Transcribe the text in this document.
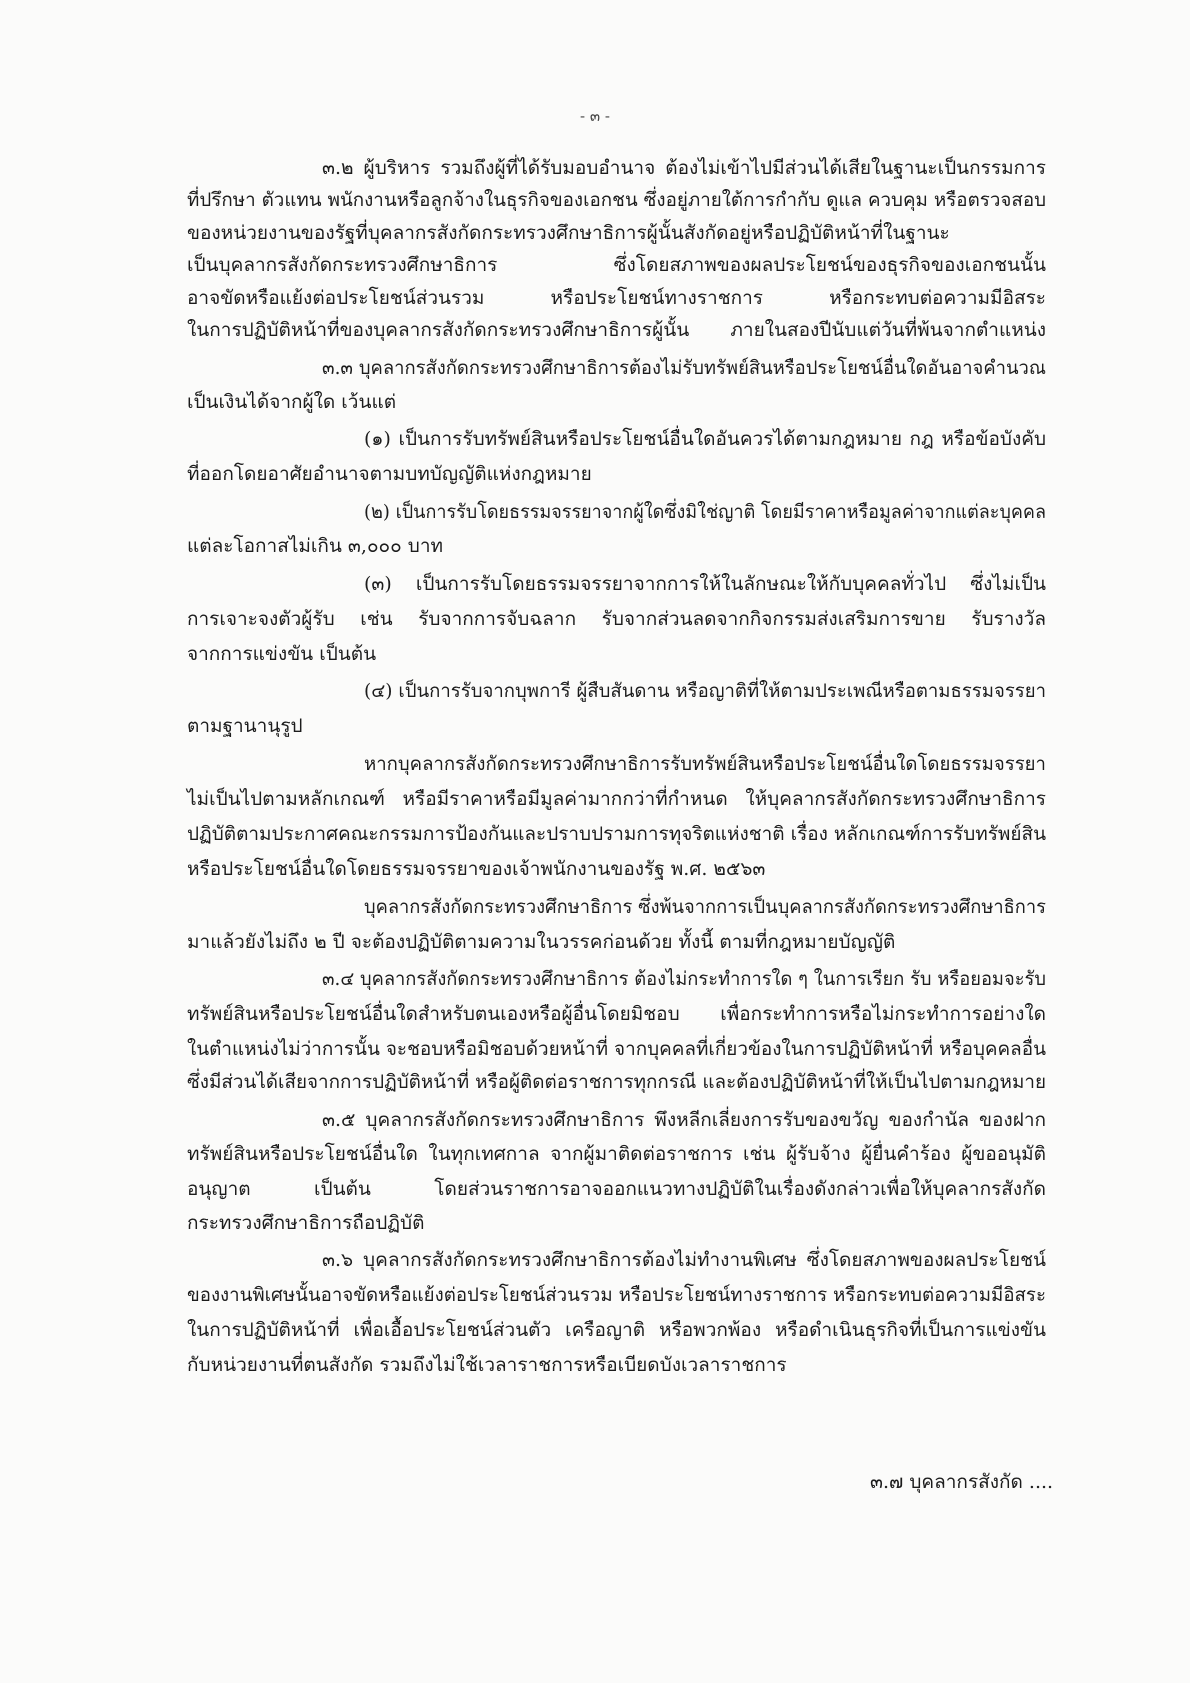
- ๓ -
๓.๒ ผู้บริหาร รวมถึงผู้ที่ได้รับมอบอำนาจ ต้องไม่เข้าไปมีส่วนได้เสียในฐานะเป็นกรรมการ
ที่ปรึกษา ตัวแทน พนักงานหรือลูกจ้างในธุรกิจของเอกชน ซึ่งอยู่ภายใต้การกำกับ ดูแล ควบคุม หรือตรวจสอบ
ของหน่วยงานของรัฐที่บุคลากรสังกัดกระทรวงศึกษาธิการผู้นั้นสังกัดอยู่หรือปฏิบัติหน้าที่ในฐานะ
เป็นบุคลากรสังกัดกระทรวงศึกษาธิการ ซึ่งโดยสภาพของผลประโยชน์ของธุรกิจของเอกชนนั้น
อาจขัดหรือแย้งต่อประโยชน์ส่วนรวม หรือประโยชน์ทางราชการ หรือกระทบต่อความมีอิสระ
ในการปฏิบัติหน้าที่ของบุคลากรสังกัดกระทรวงศึกษาธิการผู้นั้น ภายในสองปีนับแต่วันที่พ้นจากตำแหน่ง
๓.๓ บุคลากรสังกัดกระทรวงศึกษาธิการต้องไม่รับทรัพย์สินหรือประโยชน์อื่นใดอันอาจคำนวณ
เป็นเงินได้จากผู้ใด เว้นแต่
(๑) เป็นการรับทรัพย์สินหรือประโยชน์อื่นใดอันควรได้ตามกฎหมาย กฎ หรือข้อบังคับ
ที่ออกโดยอาศัยอำนาจตามบทบัญญัติแห่งกฎหมาย
(๒) เป็นการรับโดยธรรมจรรยาจากผู้ใดซึ่งมิใช่ญาติ โดยมีราคาหรือมูลค่าจากแต่ละบุคคล
แต่ละโอกาสไม่เกิน ๓,๐๐๐ บาท
(๓) เป็นการรับโดยธรรมจรรยาจากการให้ในลักษณะให้กับบุคคลทั่วไป ซึ่งไม่เป็น
การเจาะจงตัวผู้รับ เช่น รับจากการจับฉลาก รับจากส่วนลดจากกิจกรรมส่งเสริมการขาย รับรางวัล
จากการแข่งขัน เป็นต้น
(๔) เป็นการรับจากบุพการี ผู้สืบสันดาน หรือญาติที่ให้ตามประเพณีหรือตามธรรมจรรยา
ตามฐานานุรูป
หากบุคลากรสังกัดกระทรวงศึกษาธิการรับทรัพย์สินหรือประโยชน์อื่นใดโดยธรรมจรรยา
ไม่เป็นไปตามหลักเกณฑ์ หรือมีราคาหรือมีมูลค่ามากกว่าที่กำหนด ให้บุคลากรสังกัดกระทรวงศึกษาธิการ
ปฏิบัติตามประกาศคณะกรรมการป้องกันและปราบปรามการทุจริตแห่งชาติ เรื่อง หลักเกณฑ์การรับทรัพย์สิน
หรือประโยชน์อื่นใดโดยธรรมจรรยาของเจ้าพนักงานของรัฐ พ.ศ. ๒๕๖๓
บุคลากรสังกัดกระทรวงศึกษาธิการ ซึ่งพ้นจากการเป็นบุคลากรสังกัดกระทรวงศึกษาธิการ
มาแล้วยังไม่ถึง ๒ ปี จะต้องปฏิบัติตามความในวรรคก่อนด้วย ทั้งนี้ ตามที่กฎหมายบัญญัติ
๓.๔ บุคลากรสังกัดกระทรวงศึกษาธิการ ต้องไม่กระทำการใด ๆ ในการเรียก รับ หรือยอมจะรับ
ทรัพย์สินหรือประโยชน์อื่นใดสำหรับตนเองหรือผู้อื่นโดยมิชอบ เพื่อกระทำการหรือไม่กระทำการอย่างใด
ในตำแหน่งไม่ว่าการนั้น จะชอบหรือมิชอบด้วยหน้าที่ จากบุคคลที่เกี่ยวข้องในการปฏิบัติหน้าที่ หรือบุคคลอื่น
ซึ่งมีส่วนได้เสียจากการปฏิบัติหน้าที่ หรือผู้ติดต่อราชการทุกกรณี และต้องปฏิบัติหน้าที่ให้เป็นไปตามกฎหมาย
๓.๕ บุคลากรสังกัดกระทรวงศึกษาธิการ พึงหลีกเลี่ยงการรับของขวัญ ของกำนัล ของฝาก
ทรัพย์สินหรือประโยชน์อื่นใด ในทุกเทศกาล จากผู้มาติดต่อราชการ เช่น ผู้รับจ้าง ผู้ยื่นคำร้อง ผู้ขออนุมัติ
อนุญาต เป็นต้น โดยส่วนราชการอาจออกแนวทางปฏิบัติในเรื่องดังกล่าวเพื่อให้บุคลากรสังกัด
กระทรวงศึกษาธิการถือปฏิบัติ
๓.๖ บุคลากรสังกัดกระทรวงศึกษาธิการต้องไม่ทำงานพิเศษ ซึ่งโดยสภาพของผลประโยชน์
ของงานพิเศษนั้นอาจขัดหรือแย้งต่อประโยชน์ส่วนรวม หรือประโยชน์ทางราชการ หรือกระทบต่อความมีอิสระ
ในการปฏิบัติหน้าที่ เพื่อเอื้อประโยชน์ส่วนตัว เครือญาติ หรือพวกพ้อง หรือดำเนินธุรกิจที่เป็นการแข่งขัน
กับหน่วยงานที่ตนสังกัด รวมถึงไม่ใช้เวลาราชการหรือเบียดบังเวลาราชการ
๓.๗ บุคลากรสังกัด ....
